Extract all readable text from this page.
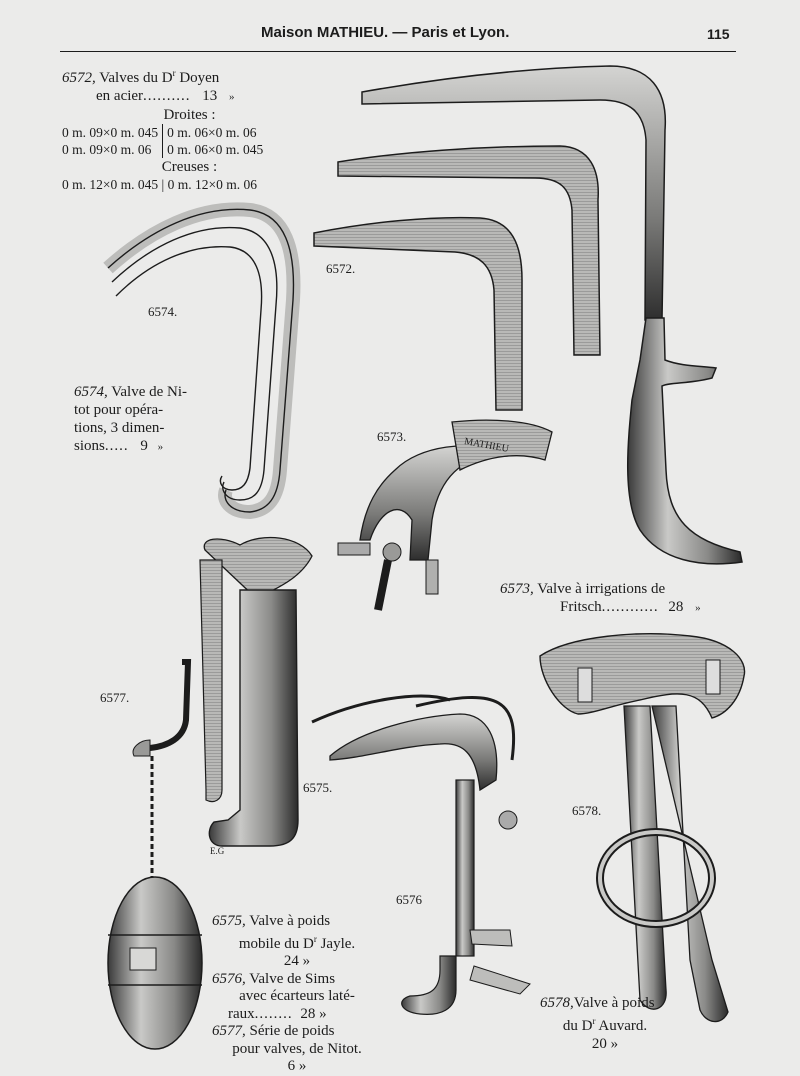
Maison MATHIEU. — Paris et Lyon.	115
MATHIEU
E.G
6572.
6574.
6573.
6577.
6575.
6578.
6576
6572, Valves du $D^r$ Doyen
en acier.......... 13 »
Droites :
0 m. 09×0 m. 045
0 m. 09×0 m. 06
0 m. 06×0 m. 06
0 m. 06×0 m. 045
Creuses :
0 m. 12×0 m. 045 | 0 m. 12×0 m. 06
6574, Valve de Ni-
tot pour opéra-
tions, 3 dimen-
sions..... 9 »
6573, Valve à irrigations de
Fritsch............ 28 »
6575, Valve à poids
mobile du $D^r$ Jayle.
24 »
6576, Valve de Sims
avec écarteurs laté-
raux........ 28 »
6577, Série de poids
pour valves, de Nitot.
6 »
6578,Valve à poids
du $D^r$ Auvard.
20 »
